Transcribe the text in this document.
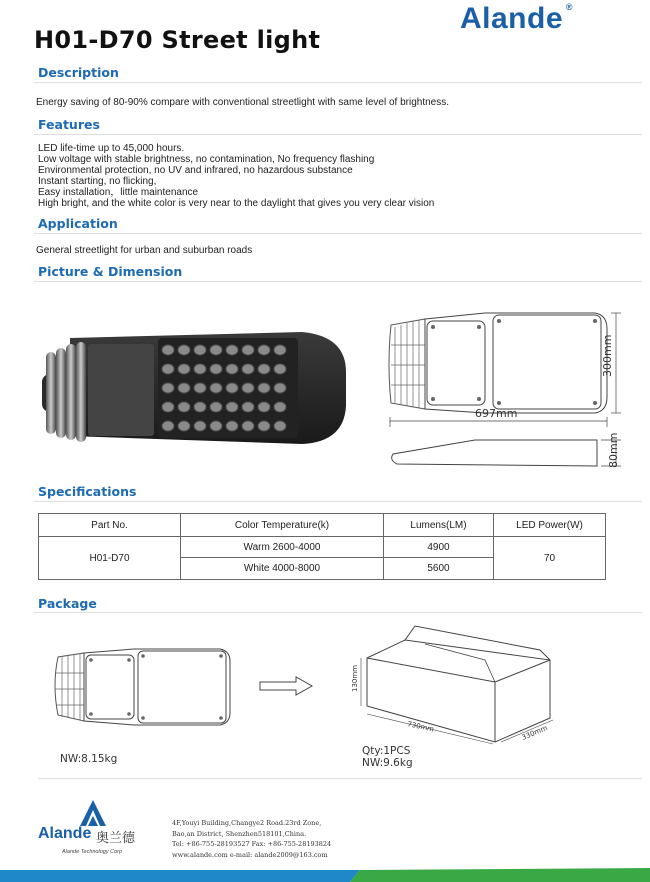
Alande ®
H01-D70 Street light
Description
Energy saving of 80-90% compare with conventional streetlight with same level of brightness.
Features
LED life-time up to 45,000 hours.
Low voltage with stable brightness, no contamination, No frequency flashing
Environmental protection, no UV and infrared, no hazardous substance
Instant starting, no flicking,
Easy installation，little maintenance
High bright, and the white color is very near to the daylight that gives you very clear vision
Application
General streetlight for urban and suburban roads
Picture & Dimension
697mm
300mm
80mm
Specifications
Part No.	Color Temperature(k)	Lumens(LM)	LED Power(W)
H01-D70	Warm 2600-4000	4900	70
	White 4000-8000	5600	
Package
NW:8.15kg
130mm
730mm	330mm
Qty:1PCS
NW:9.6kg
Alande 奥兰德
Alande Technology Corp
4F,Youyi Building,Changye2 Road.23rd Zone,
Bao,an District, Shenzhen518101,China.
Tel: +86-755-28193527 Fax: +86-755-28193824
www.alande.com e-mail: alande2009@163.com
